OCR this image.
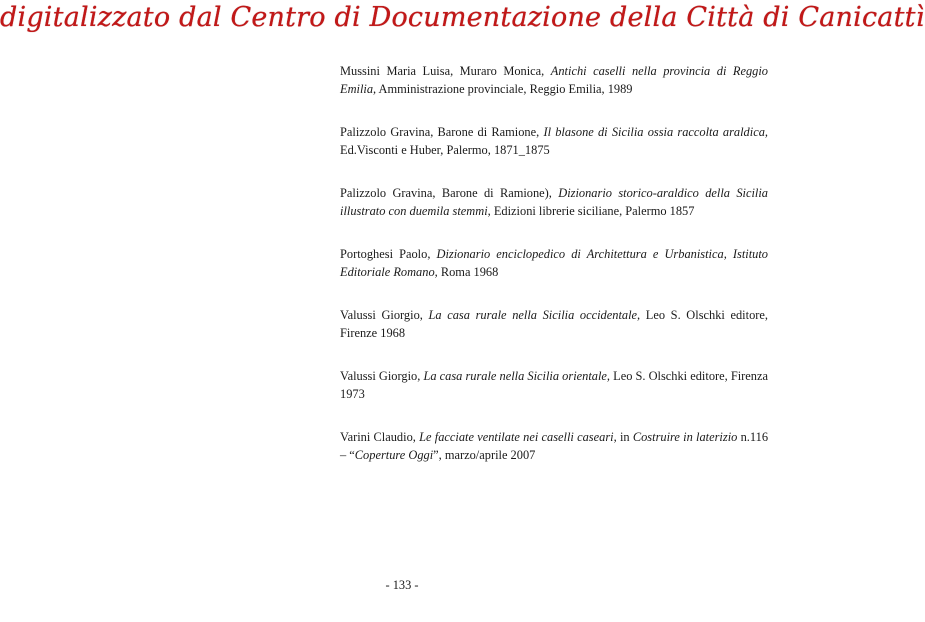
digitalizzato dal Centro di Documentazione della Città di Canicattì

Mussini Maria Luisa, Muraro Monica, Antichi caselli nella provincia di Reggio Emilia, Amministrazione provinciale, Reggio Emilia, 1989

Palizzolo Gravina, Barone di Ramione, Il blasone di Sicilia ossia raccolta araldica, Ed.Visconti e Huber, Palermo, 1871_1875

Palizzolo Gravina, Barone di Ramione), Dizionario storico-araldico della Sicilia illustrato con duemila stemmi, Edizioni librerie siciliane, Palermo 1857

Portoghesi Paolo, Dizionario enciclopedico di Architettura e Urbanistica, Istituto Editoriale Romano, Roma 1968

Valussi Giorgio, La casa rurale nella Sicilia occidentale, Leo S. Olschki editore, Firenze 1968

Valussi Giorgio, La casa rurale nella Sicilia orientale, Leo S. Olschki editore, Firenza 1973

Varini Claudio, Le facciate ventilate nei caselli caseari, in Costruire in laterizio n.116 – “Coperture Oggi”, marzo/aprile 2007

- 133 -
